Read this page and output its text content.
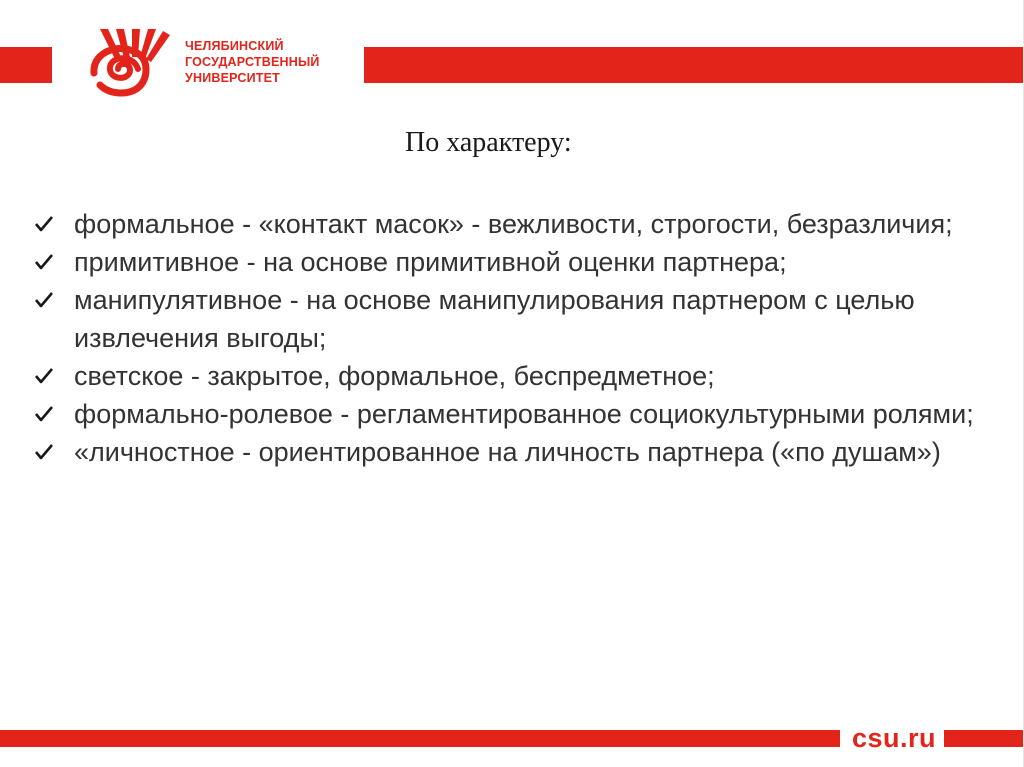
ЧЕЛЯБИНСКИЙ
ГОСУДАРСТВЕННЫЙ
УНИВЕРСИТЕТ
По характеру:
формальное - «контакт масок» - вежливости, строгости, безразличия;
примитивное - на основе примитивной оценки партнера;
манипулятивное - на основе манипулирования партнером с целью извлечения выгоды;
светское - закрытое, формальное, беспредметное;
формально-ролевое - регламентированное социокультурными ролями;
«личностное - ориентированное на личность партнера («по душам»)
csu.ru
